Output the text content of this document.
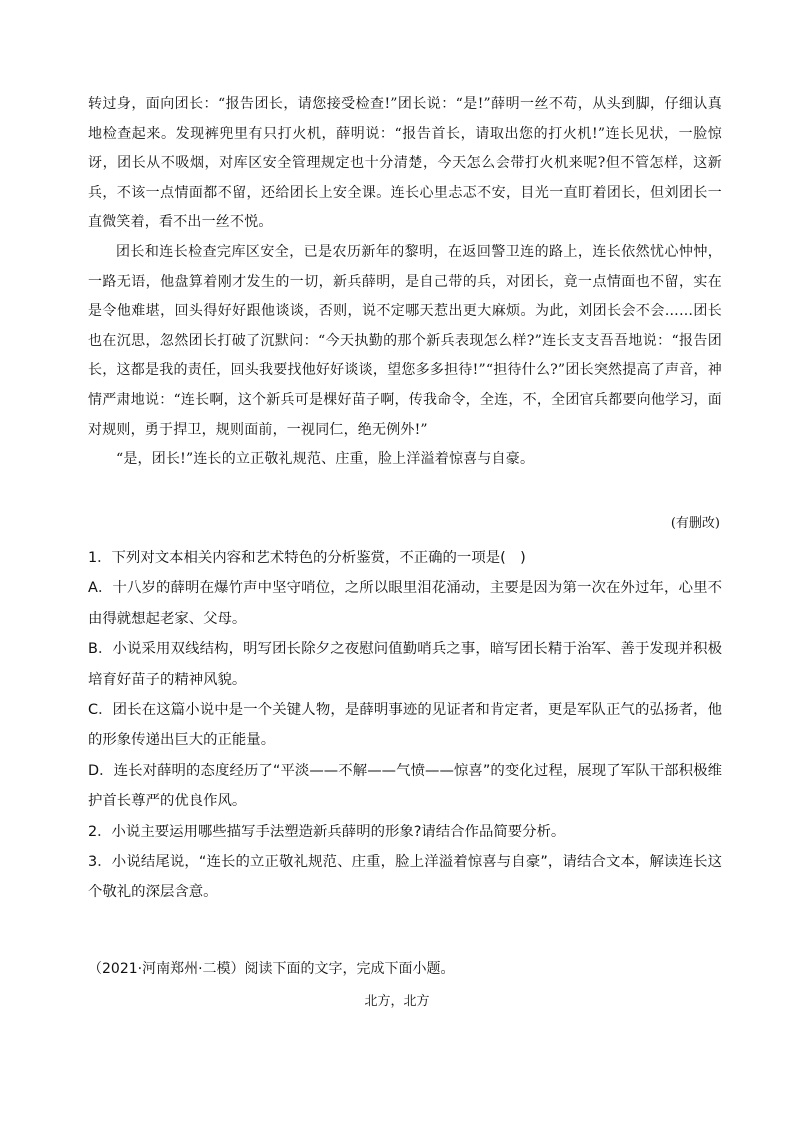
转过身，面向团长：“报告团长，请您接受检查!”团长说：“是!”薛明一丝不苟，从头到脚，仔细认真地检查起来。发现裤兜里有只打火机，薛明说：“报告首长，请取出您的打火机!”连长见状，一脸惊讶，团长从不吸烟，对库区安全管理规定也十分清楚，今天怎么会带打火机来呢?但不管怎样，这新兵，不该一点情面都不留，还给团长上安全课。连长心里忐忑不安，目光一直盯着团长，但刘团长一直微笑着，看不出一丝不悦。

团长和连长检查完库区安全，已是农历新年的黎明，在返回警卫连的路上，连长依然忧心忡忡，一路无语，他盘算着刚才发生的一切，新兵薛明，是自己带的兵，对团长，竟一点情面也不留，实在是令他难堪，回头得好好跟他谈谈，否则，说不定哪天惹出更大麻烦。为此，刘团长会不会……团长也在沉思，忽然团长打破了沉默问：“今天执勤的那个新兵表现怎么样?”连长支支吾吾地说：“报告团长，这都是我的责任，回头我要找他好好谈谈，望您多多担待!”“担待什么?”团长突然提高了声音，神情严肃地说：“连长啊，这个新兵可是棵好苗子啊，传我命令，全连，不，全团官兵都要向他学习，面对规则，勇于捍卫，规则面前，一视同仁，绝无例外!”

“是，团长!”连长的立正敬礼规范、庄重，脸上洋溢着惊喜与自豪。

(有删改)

1．下列对文本相关内容和艺术特色的分析鉴赏，不正确的一项是(　)

A．十八岁的薛明在爆竹声中坚守哨位，之所以眼里泪花涌动，主要是因为第一次在外过年，心里不由得就想起老家、父母。

B．小说采用双线结构，明写团长除夕之夜慰问值勤哨兵之事，暗写团长精于治军、善于发现并积极培育好苗子的精神风貌。

C．团长在这篇小说中是一个关键人物，是薛明事迹的见证者和肯定者，更是军队正气的弘扬者，他的形象传递出巨大的正能量。

D．连长对薛明的态度经历了“平淡——不解——气愤——惊喜”的变化过程，展现了军队干部积极维护首长尊严的优良作风。

2．小说主要运用哪些描写手法塑造新兵薛明的形象?请结合作品简要分析。

3．小说结尾说，“连长的立正敬礼规范、庄重，脸上洋溢着惊喜与自豪”，请结合文本，解读连长这个敬礼的深层含意。

（2021·河南郑州·二模）阅读下面的文字，完成下面小题。
北方，北方
